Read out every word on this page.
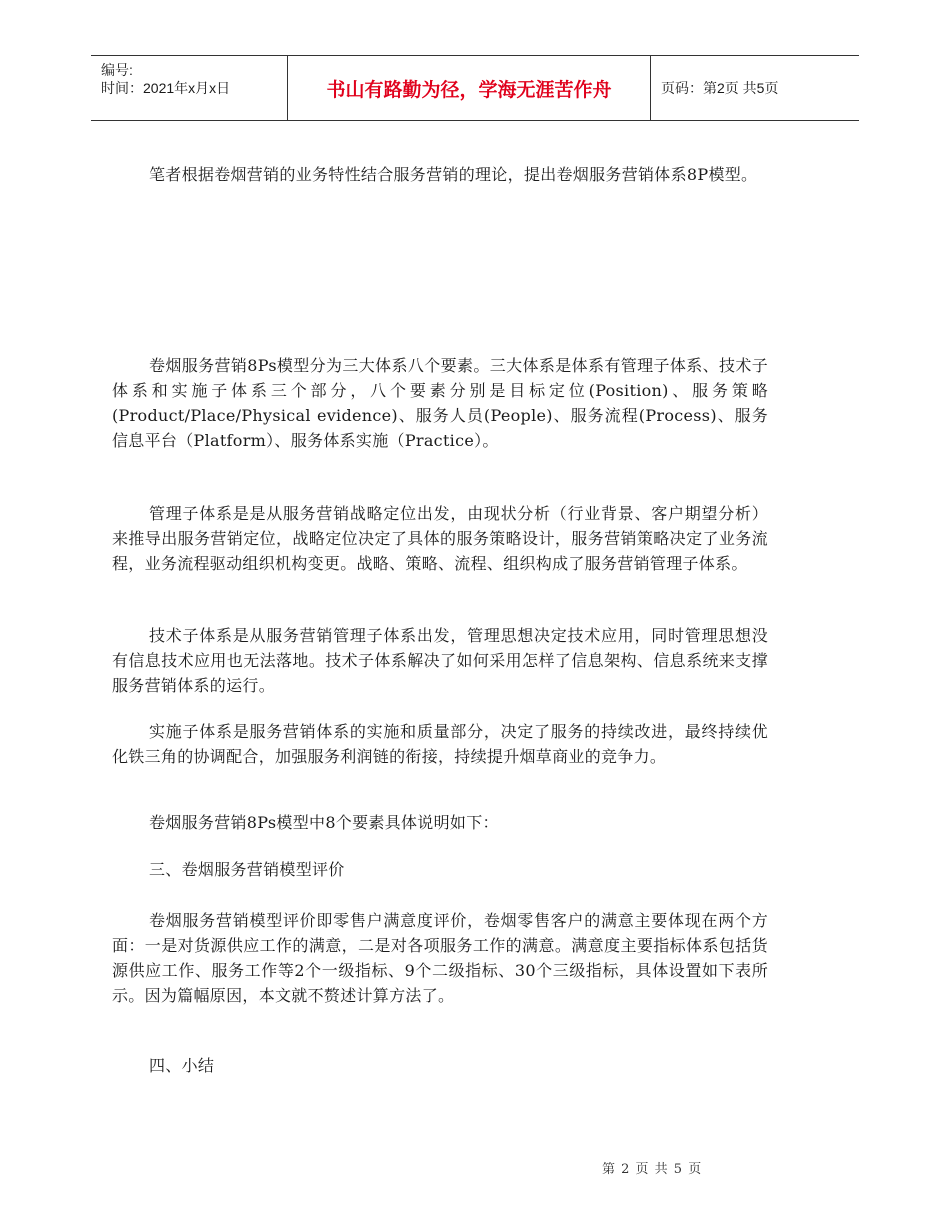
编号:
时间：2021年x月x日	书山有路勤为径，学海无涯苦作舟	页码：第2页 共5页

笔者根据卷烟营销的业务特性结合服务营销的理论，提出卷烟服务营销体系8P模型。

卷烟服务营销8Ps模型分为三大体系八个要素。三大体系是体系有管理子体系、技术子体系和实施子体系三个部分，八个要素分别是目标定位(Position)、服务策略(Product/Place/Physical evidence)、服务人员(People)、服务流程(Process)、服务信息平台（Platform）、服务体系实施（Practice）。

管理子体系是是从服务营销战略定位出发，由现状分析（行业背景、客户期望分析）来推导出服务营销定位，战略定位决定了具体的服务策略设计，服务营销策略决定了业务流程，业务流程驱动组织机构变更。战略、策略、流程、组织构成了服务营销管理子体系。

技术子体系是从服务营销管理子体系出发，管理思想决定技术应用，同时管理思想没有信息技术应用也无法落地。技术子体系解决了如何采用怎样了信息架构、信息系统来支撑服务营销体系的运行。

实施子体系是服务营销体系的实施和质量部分，决定了服务的持续改进，最终持续优化铁三角的协调配合，加强服务利润链的衔接，持续提升烟草商业的竞争力。

卷烟服务营销8Ps模型中8个要素具体说明如下：

三、卷烟服务营销模型评价

卷烟服务营销模型评价即零售户满意度评价，卷烟零售客户的满意主要体现在两个方面：一是对货源供应工作的满意，二是对各项服务工作的满意。满意度主要指标体系包括货源供应工作、服务工作等2个一级指标、9个二级指标、30个三级指标，具体设置如下表所示。因为篇幅原因，本文就不赘述计算方法了。

四、小结

第 2 页 共 5 页
